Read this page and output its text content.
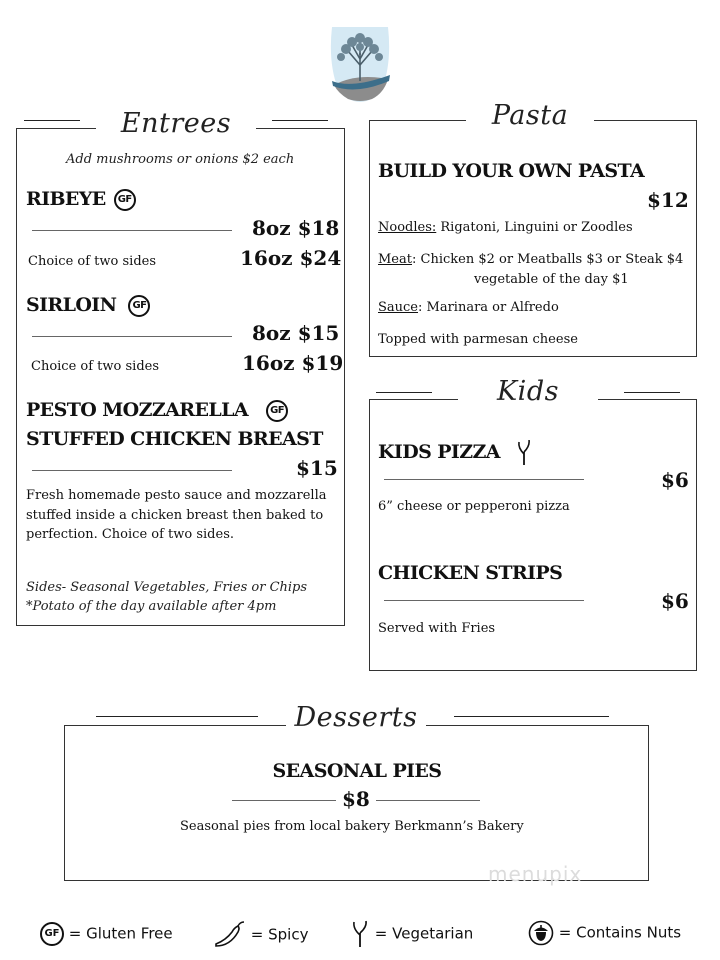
Entrees
Add mushrooms or onions $2 each
RIBEYE GF
8oz $18
Choice of two sides	16oz $24
SIRLOIN GF
8oz $15
Choice of two sides	16oz $19
PESTO MOZZARELLA GF
STUFFED CHICKEN BREAST
$15
Fresh homemade pesto sauce and mozzarella
stuffed inside a chicken breast then baked to
perfection. Choice of two sides.
Sides- Seasonal Vegetables, Fries or Chips
*Potato of the day available after 4pm
Pasta
BUILD YOUR OWN PASTA
$12
Noodles: Rigatoni, Linguini or Zoodles
Meat: Chicken $2 or Meatballs $3 or Steak $4
vegetable of the day $1
Sauce: Marinara or Alfredo
Topped with parmesan cheese
Kids
KIDS PIZZA
$6
6” cheese or pepperoni pizza
CHICKEN STRIPS
$6
Served with Fries
Desserts
SEASONAL PIES
$8
Seasonal pies from local bakery Berkmann’s Bakery
menupix
GF = Gluten Free	= Spicy	= Vegetarian	= Contains Nuts
